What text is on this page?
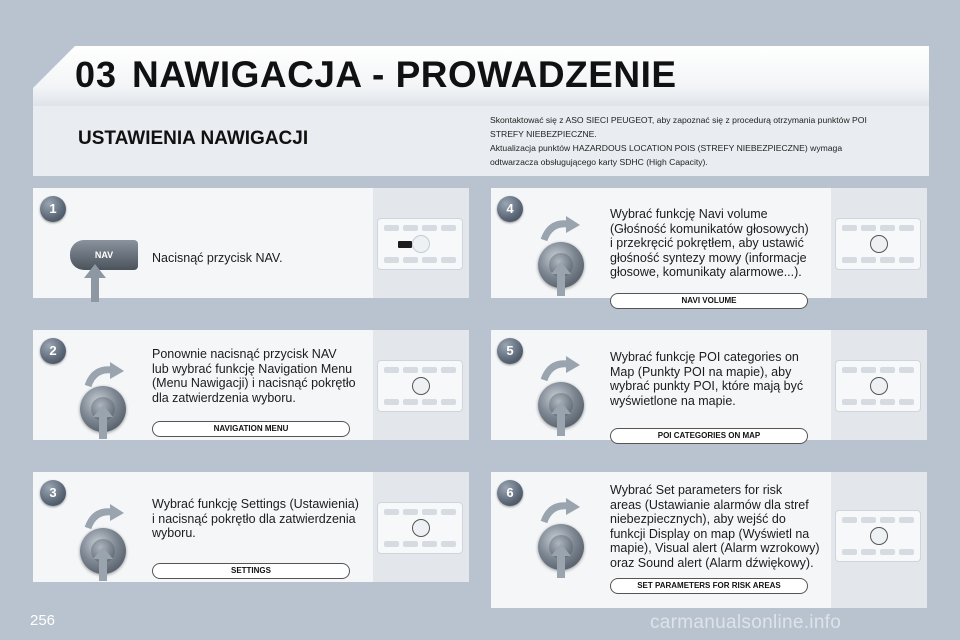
03 NAWIGACJA - PROWADZENIE
USTAWIENIA NAWIGACJI
Skontaktować się z ASO SIECI PEUGEOT, aby zapoznać się z procedurą otrzymania punktów POI
STREFY NIEBEZPIECZNE.
Aktualizacja punktów HAZARDOUS LOCATION POIS (STREFY NIEBEZPIECZNE) wymaga
odtwarzacza obsługującego karty SDHC (High Capacity).
1
NAV	Nacisnąć przycisk NAV.
2	Ponownie nacisnąć przycisk NAV
lub wybrać funkcję Navigation Menu
(Menu Nawigacji) i nacisnąć pokrętło
dla zatwierdzenia wyboru.
NAVIGATION MENU
3
Wybrać funkcję Settings (Ustawienia)
i nacisnąć pokrętło dla zatwierdzenia
wyboru.
SETTINGS
4	Wybrać funkcję Navi volume
(Głośność komunikatów głosowych)
i przekręcić pokrętłem, aby ustawić
głośność syntezy mowy (informacje
głosowe, komunikaty alarmowe...).
NAVI VOLUME
5	Wybrać funkcję POI categories on
Map (Punkty POI na mapie), aby
wybrać punkty POI, które mają być
wyświetlone na mapie.
POI CATEGORIES ON MAP
6	Wybrać Set parameters for risk
areas (Ustawianie alarmów dla stref
niebezpiecznych), aby wejść do
funkcji Display on map (Wyświetl na
mapie), Visual alert (Alarm wzrokowy)
oraz Sound alert (Alarm dźwiękowy).
SET PARAMETERS FOR RISK AREAS
256	carmanualsonline.info
